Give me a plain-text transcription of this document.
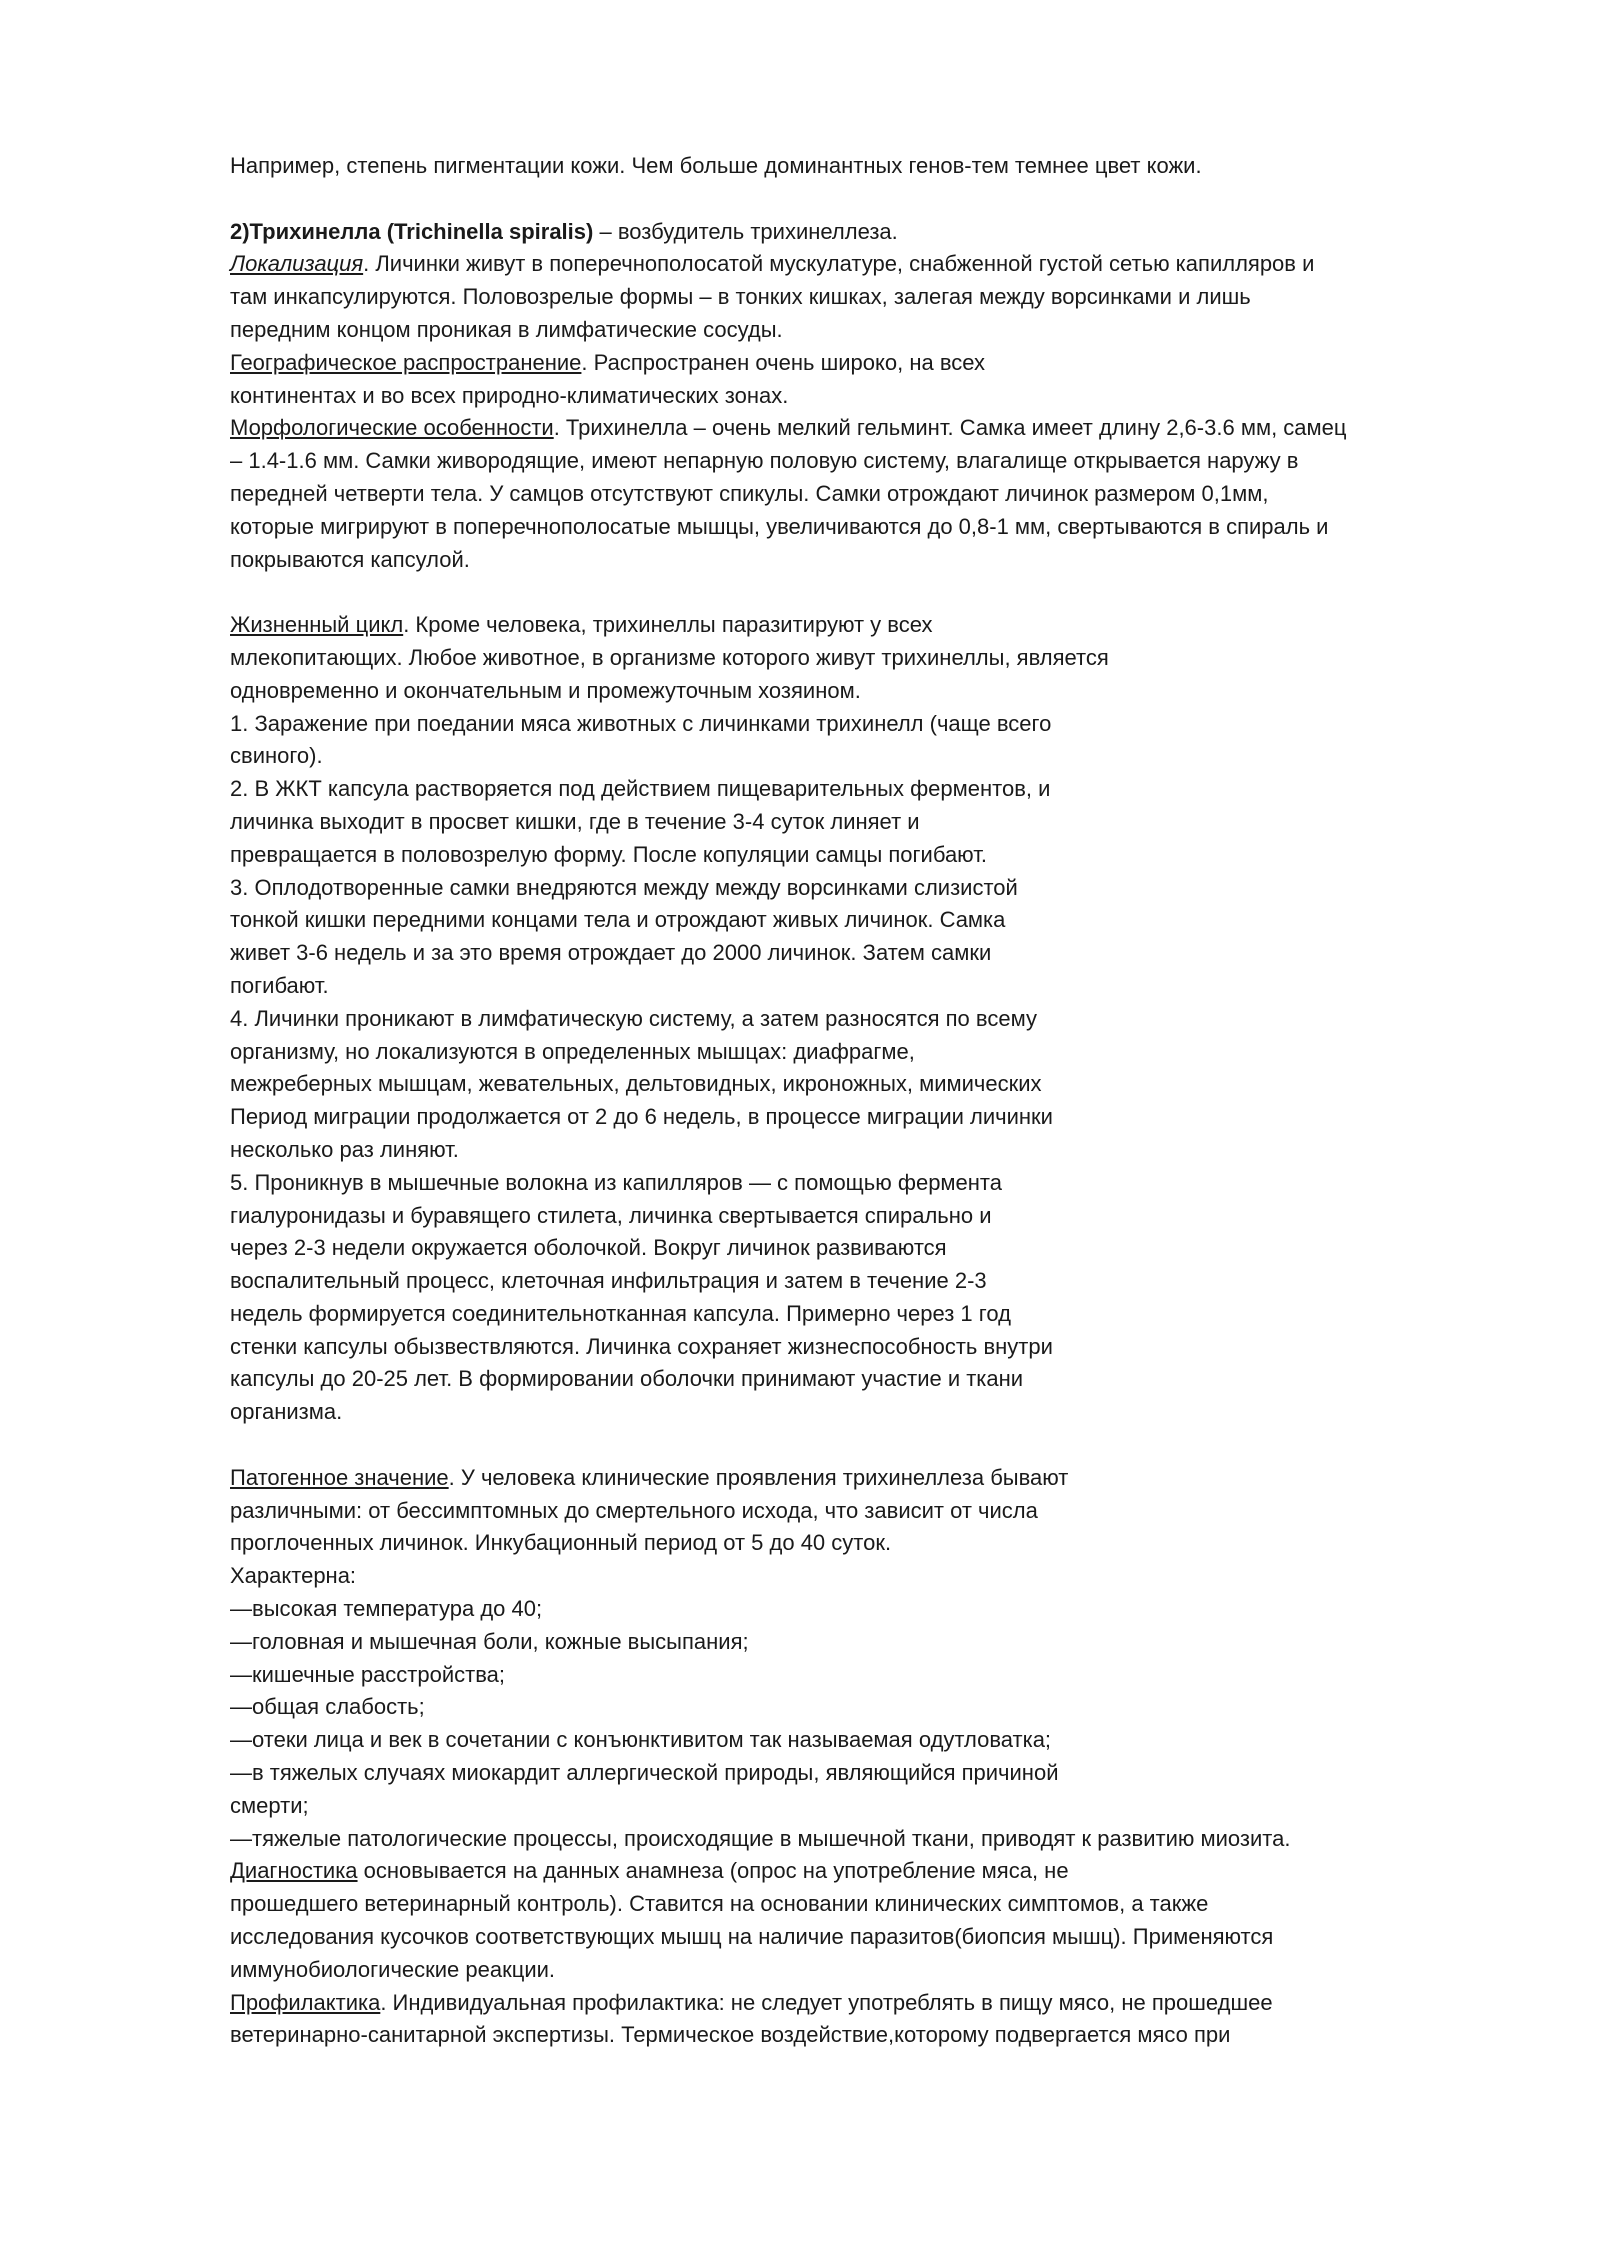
Например, степень пигментации кожи. Чем больше доминантных генов-тем темнее цвет кожи.
2)Трихинелла (Trichinella spiralis) – возбудитель трихинеллеза.
Локализация. Личинки живут в поперечнополосатой мускулатуре, снабженной густой сетью капилляров и
там инкапсулируются. Половозрелые формы – в тонких кишках, залегая между ворсинками и лишь
передним концом проникая в лимфатические сосуды.
Географическое распространение. Распространен очень широко, на всех
континентах и во всех природно-климатических зонах.
Морфологические особенности. Трихинелла – очень мелкий гельминт. Самка имеет длину 2,6-3.6 мм, самец
– 1.4-1.6 мм. Самки живородящие, имеют непарную половую систему, влагалище открывается наружу в
передней четверти тела. У самцов отсутствуют спикулы. Самки отрождают личинок размером 0,1мм,
которые мигрируют в поперечнополосатые мышцы, увеличиваются до 0,8-1 мм, свертываются в спираль и
покрываются капсулой.
Жизненный цикл. Кроме человека, трихинеллы паразитируют у всех
млекопитающих. Любое животное, в организме которого живут трихинеллы, является
одновременно и окончательным и промежуточным хозяином.
1. Заражение при поедании мяса животных с личинками трихинелл (чаще всего
свиного).
2. В ЖКТ капсула растворяется под действием пищеварительных ферментов, и
личинка выходит в просвет кишки, где в течение 3-4 суток линяет и
превращается в половозрелую форму. После копуляции самцы погибают.
3. Оплодотворенные самки внедряются между между ворсинками слизистой
тонкой кишки передними концами тела и отрождают живых личинок. Самка
живет 3-6 недель и за это время отрождает до 2000 личинок. Затем самки
погибают.
4. Личинки проникают в лимфатическую систему, а затем разносятся по всему
организму, но локализуются в определенных мышцах: диафрагме,
межреберных мышцам, жевательных, дельтовидных, икроножных, мимических
Период миграции продолжается от 2 до 6 недель, в процессе миграции личинки
несколько раз линяют.
5. Проникнув в мышечные волокна из капилляров — с помощью фермента
гиалуронидазы и буравящего стилета, личинка свертывается спирально и
через 2-3 недели окружается оболочкой. Вокруг личинок развиваются
воспалительный процесс, клеточная инфильтрация и затем в течение 2-3
недель формируется соединительнотканная капсула. Примерно через 1 год
стенки капсулы обызвествляются. Личинка сохраняет жизнеспособность внутри
капсулы до 20-25 лет. В формировании оболочки принимают участие и ткани
организма.
Патогенное значение. У человека клинические проявления трихинеллеза бывают
различными: от бессимптомных до смертельного исхода, что зависит от числа
проглоченных личинок. Инкубационный период от 5 до 40 суток.
Характерна:
—высокая температура до 40;
—головная и мышечная боли, кожные высыпания;
—кишечные расстройства;
—общая слабость;
—отеки лица и век в сочетании с конъюнктивитом так называемая одутловатка;
—в тяжелых случаях миокардит аллергической природы, являющийся причиной
смерти;
—тяжелые патологические процессы, происходящие в мышечной ткани, приводят к развитию миозита.
Диагностика основывается на данных анамнеза (опрос на употребление мяса, не
прошедшего ветеринарный контроль). Ставится на основании клинических симптомов, а также
исследования кусочков соответствующих мышц на наличие паразитов(биопсия мышц). Применяются
иммунобиологические реакции.
Профилактика. Индивидуальная профилактика: не следует употреблять в пищу мясо, не прошедшее
ветеринарно-санитарной экспертизы. Термическое воздействие,которому подвергается мясо при
